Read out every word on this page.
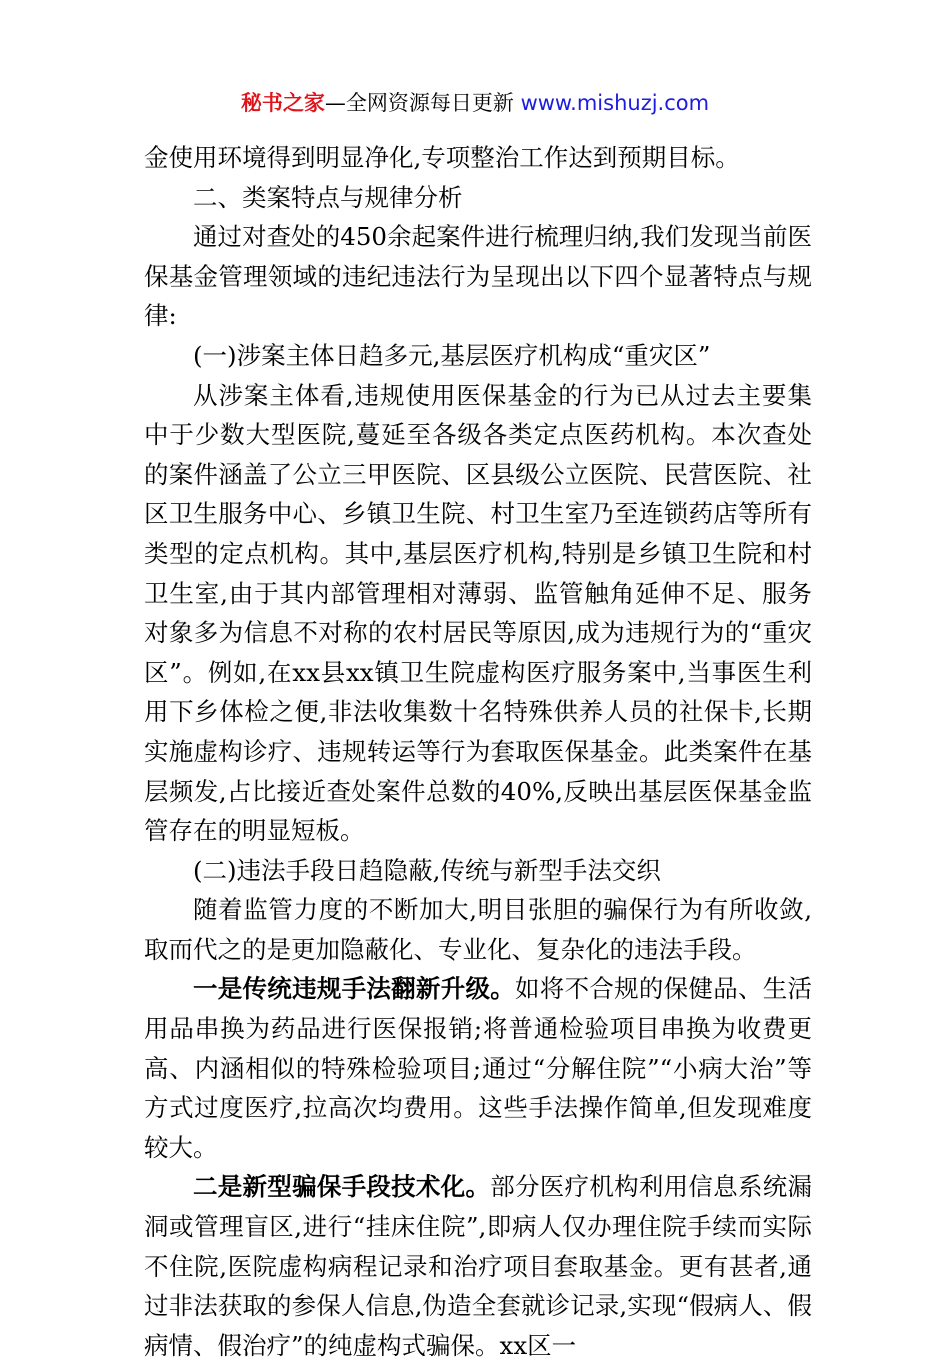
秘书之家—全网资源每日更新 www.mishuzj.com

金使用环境得到明显净化,专项整治工作达到预期目标。

二、类案特点与规律分析

通过对查处的450余起案件进行梳理归纳,我们发现当前医保基金管理领域的违纪违法行为呈现出以下四个显著特点与规律:

(一)涉案主体日趋多元,基层医疗机构成“重灾区”

从涉案主体看,违规使用医保基金的行为已从过去主要集中于少数大型医院,蔓延至各级各类定点医药机构。本次查处的案件涵盖了公立三甲医院、区县级公立医院、民营医院、社区卫生服务中心、乡镇卫生院、村卫生室乃至连锁药店等所有类型的定点机构。其中,基层医疗机构,特别是乡镇卫生院和村卫生室,由于其内部管理相对薄弱、监管触角延伸不足、服务对象多为信息不对称的农村居民等原因,成为违规行为的“重灾区”。例如,在xx县xx镇卫生院虚构医疗服务案中,当事医生利用下乡体检之便,非法收集数十名特殊供养人员的社保卡,长期实施虚构诊疗、违规转运等行为套取医保基金。此类案件在基层频发,占比接近查处案件总数的40%,反映出基层医保基金监管存在的明显短板。

(二)违法手段日趋隐蔽,传统与新型手法交织

随着监管力度的不断加大,明目张胆的骗保行为有所收敛,取而代之的是更加隐蔽化、专业化、复杂化的违法手段。

一是传统违规手法翻新升级。如将不合规的保健品、生活用品串换为药品进行医保报销;将普通检验项目串换为收费更高、内涵相似的特殊检验项目;通过“分解住院”“小病大治”等方式过度医疗,拉高次均费用。这些手法操作简单,但发现难度较大。

二是新型骗保手段技术化。部分医疗机构利用信息系统漏洞或管理盲区,进行“挂床住院”,即病人仅办理住院手续而实际不住院,医院虚构病程记录和治疗项目套取基金。更有甚者,通过非法获取的参保人信息,伪造全套就诊记录,实现“假病人、假病情、假治疗”的纯虚构式骗保。xx区一
